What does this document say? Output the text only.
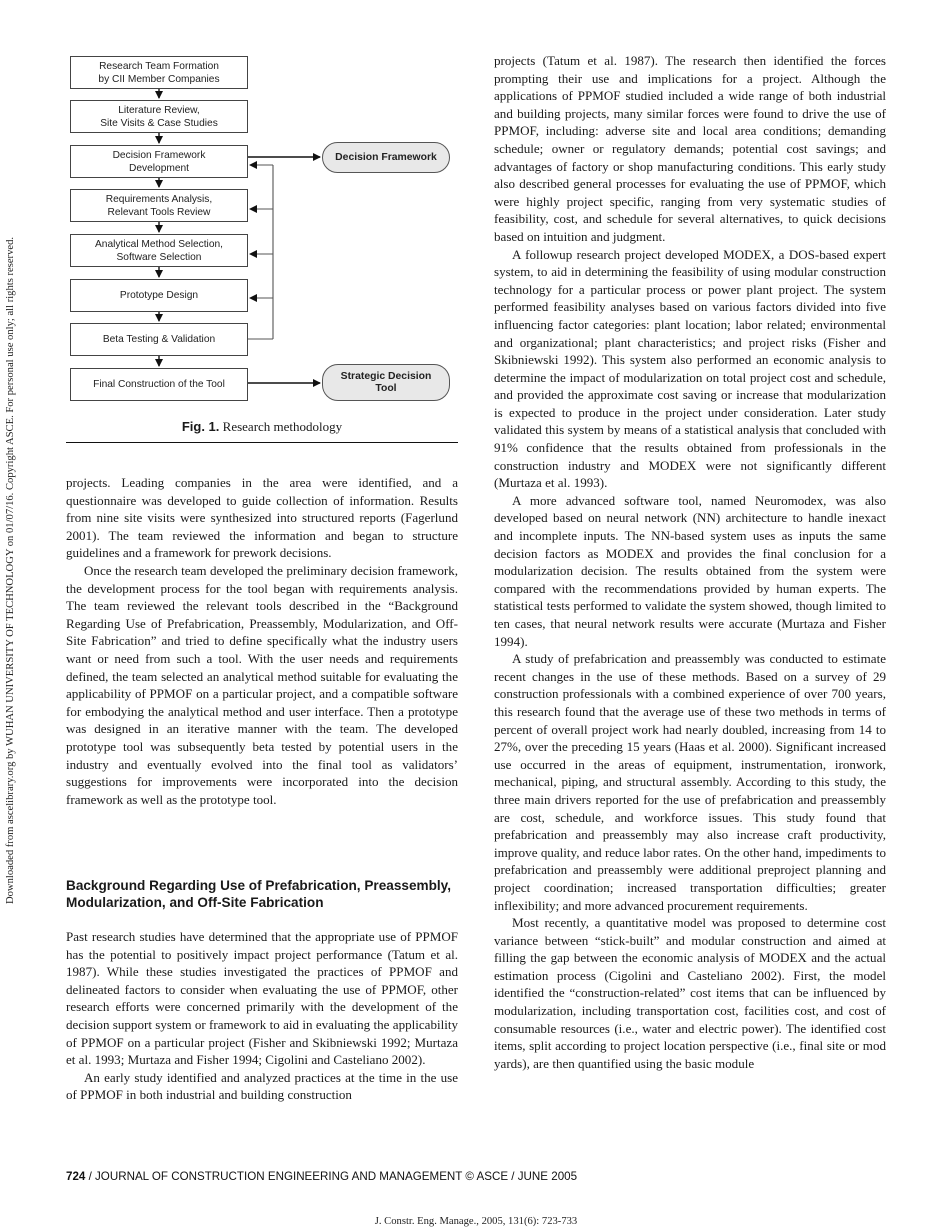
Downloaded from ascelibrary.org by WUHAN UNIVERSITY OF TECHNOLOGY on 01/07/16. Copyright ASCE. For personal use only; all rights reserved.
Research Team Formation
by CII Member Companies
Literature Review,
Site Visits & Case Studies
Decision Framework
Development
Requirements Analysis,
Relevant Tools Review
Analytical Method Selection,
Software Selection
Prototype Design
Beta Testing & Validation
Final Construction of the Tool
Decision Framework
Strategic Decision
Tool
Fig. 1. Research methodology

projects. Leading companies in the area were identified, and a questionnaire was developed to guide collection of information. Results from nine site visits were synthesized into structured reports (Fagerlund 2001). The team reviewed the information and began to structure guidelines and a framework for prework decisions.

Once the research team developed the preliminary decision framework, the development process for the tool began with requirements analysis. The team reviewed the relevant tools described in the “Background Regarding Use of Prefabrication, Preassembly, Modularization, and Off-Site Fabrication” and tried to define specifically what the industry users want or need from such a tool. With the user needs and requirements defined, the team selected an analytical method suitable for evaluating the applicability of PPMOF on a particular project, and a compatible software for embodying the analytical method and user interface. Then a prototype was designed in an iterative manner with the team. The developed prototype tool was subsequently beta tested by potential users in the industry and eventually evolved into the final tool as validators’ suggestions for improvements were incorporated into the decision framework as well as the prototype tool.

Background Regarding Use of Prefabrication, Preassembly, Modularization, and Off-Site Fabrication

Past research studies have determined that the appropriate use of PPMOF has the potential to positively impact project performance (Tatum et al. 1987). While these studies investigated the practices of PPMOF and delineated factors to consider when evaluating the use of PPMOF, other research efforts were concerned primarily with the development of the decision support system or framework to aid in evaluating the applicability of PPMOF on a particular project (Fisher and Skibniewski 1992; Murtaza et al. 1993; Murtaza and Fisher 1994; Cigolini and Casteliano 2002).

An early study identified and analyzed practices at the time in the use of PPMOF in both industrial and building construction

projects (Tatum et al. 1987). The research then identified the forces prompting their use and implications for a project. Although the applications of PPMOF studied included a wide range of both industrial and building projects, many similar forces were found to drive the use of PPMOF, including: adverse site and local area conditions; demanding schedule; owner or regulatory demands; potential cost savings; and advantages of factory or shop manufacturing conditions. This early study also described general processes for evaluating the use of PPMOF, which were highly project specific, ranging from very systematic studies of feasibility, cost, and schedule for several alternatives, to quick decisions based on intuition and judgment.

A followup research project developed MODEX, a DOS-based expert system, to aid in determining the feasibility of using modular construction technology for a particular process or power plant project. The system performed feasibility analyses based on various factors divided into five influencing factor categories: plant location; labor related; environmental and organizational; plant characteristics; and project risks (Fisher and Skibniewski 1992). This system also performed an economic analysis to determine the impact of modularization on total project cost and schedule, and provided the approximate cost saving or increase that modularization is expected to produce in the project under consideration. Later study validated this system by means of a statistical analysis that concluded with 91% confidence that the results obtained from professionals in the construction industry and MODEX were not significantly different (Murtaza et al. 1993).

A more advanced software tool, named Neuromodex, was also developed based on neural network (NN) architecture to handle inexact and incomplete inputs. The NN-based system uses as inputs the same decision factors as MODEX and provides the final conclusion for a modularization decision. The results obtained from the system were compared with the recommendations provided by human experts. The statistical tests performed to validate the system showed, though limited to ten cases, that neural network results were accurate (Murtaza and Fisher 1994).

A study of prefabrication and preassembly was conducted to estimate recent changes in the use of these methods. Based on a survey of 29 construction professionals with a combined experience of over 700 years, this research found that the average use of these two methods in terms of percent of overall project work had nearly doubled, increasing from 14 to 27%, over the preceding 15 years (Haas et al. 2000). Significant increased use occurred in the areas of equipment, instrumentation, ironwork, mechanical, piping, and structural assembly. According to this study, the three main drivers reported for the use of prefabrication and preassembly are cost, schedule, and workforce issues. This study found that prefabrication and preassembly may also increase craft productivity, improve quality, and reduce labor rates. On the other hand, impediments to prefabrication and preassembly were additional preproject planning and project coordination; increased transportation difficulties; greater inflexibility; and more advanced procurement requirements.

Most recently, a quantitative model was proposed to determine cost variance between “stick-built” and modular construction and aimed at filling the gap between the economic analysis of MODEX and the actual estimation process (Cigolini and Casteliano 2002). First, the model identified the “construction-related” cost items that can be influenced by modularization, including transportation cost, facilities cost, and cost of consumable resources (i.e., water and electric power). The identified cost items, split according to project location perspective (i.e., final site or mod yards), are then quantified using the basic module

724 / JOURNAL OF CONSTRUCTION ENGINEERING AND MANAGEMENT © ASCE / JUNE 2005
J. Constr. Eng. Manage., 2005, 131(6): 723-733
